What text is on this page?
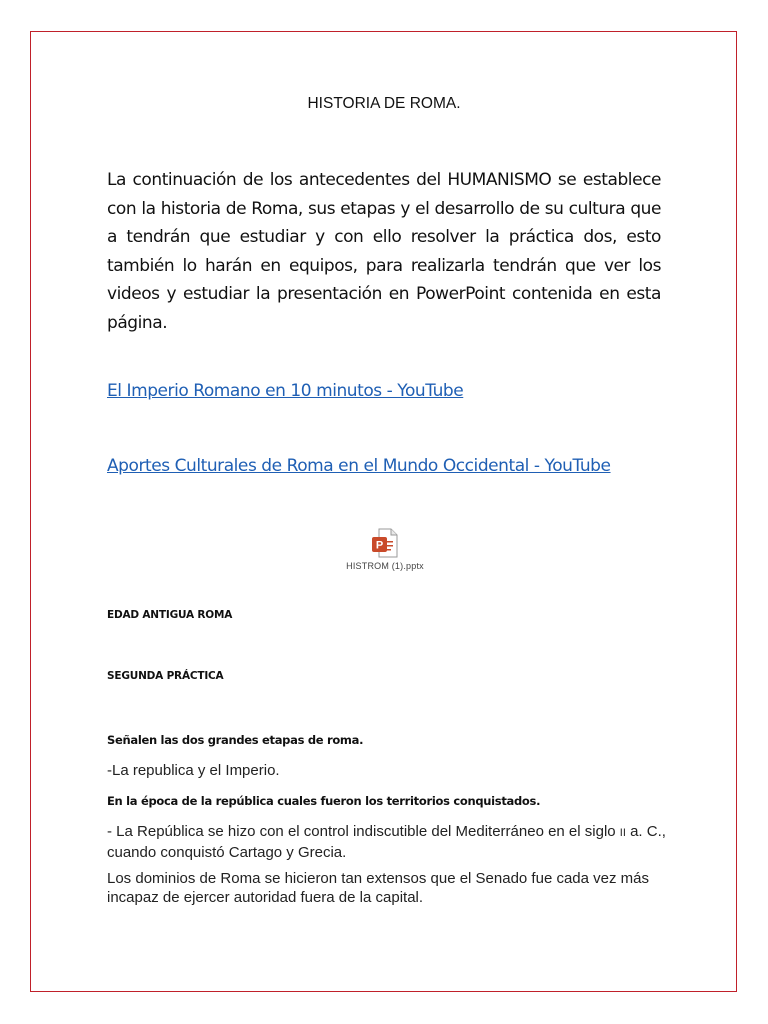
HISTORIA DE ROMA.

La continuación de los antecedentes del HUMANISMO se establece con la historia de Roma, sus etapas y el desarrollo de su cultura que a tendrán que estudiar y con ello resolver la práctica dos, esto también lo harán en equipos, para realizarla tendrán que ver los videos y estudiar la presentación en PowerPoint contenida en esta página.

El Imperio Romano en 10 minutos - YouTube
Aportes Culturales de Roma en el Mundo Occidental - YouTube
P
HISTROM (1).pptx
EDAD ANTIGUA ROMA
SEGUNDA PRÁCTICA
Señalen las dos grandes etapas de roma.

-La republica y el Imperio.

En la época de la república cuales fueron los territorios conquistados.

- La República se hizo con el control indiscutible del Mediterráneo en el siglo II a. C., cuando conquistó Cartago y Grecia.

Los dominios de Roma se hicieron tan extensos que el Senado fue cada vez más incapaz de ejercer autoridad fuera de la capital.
